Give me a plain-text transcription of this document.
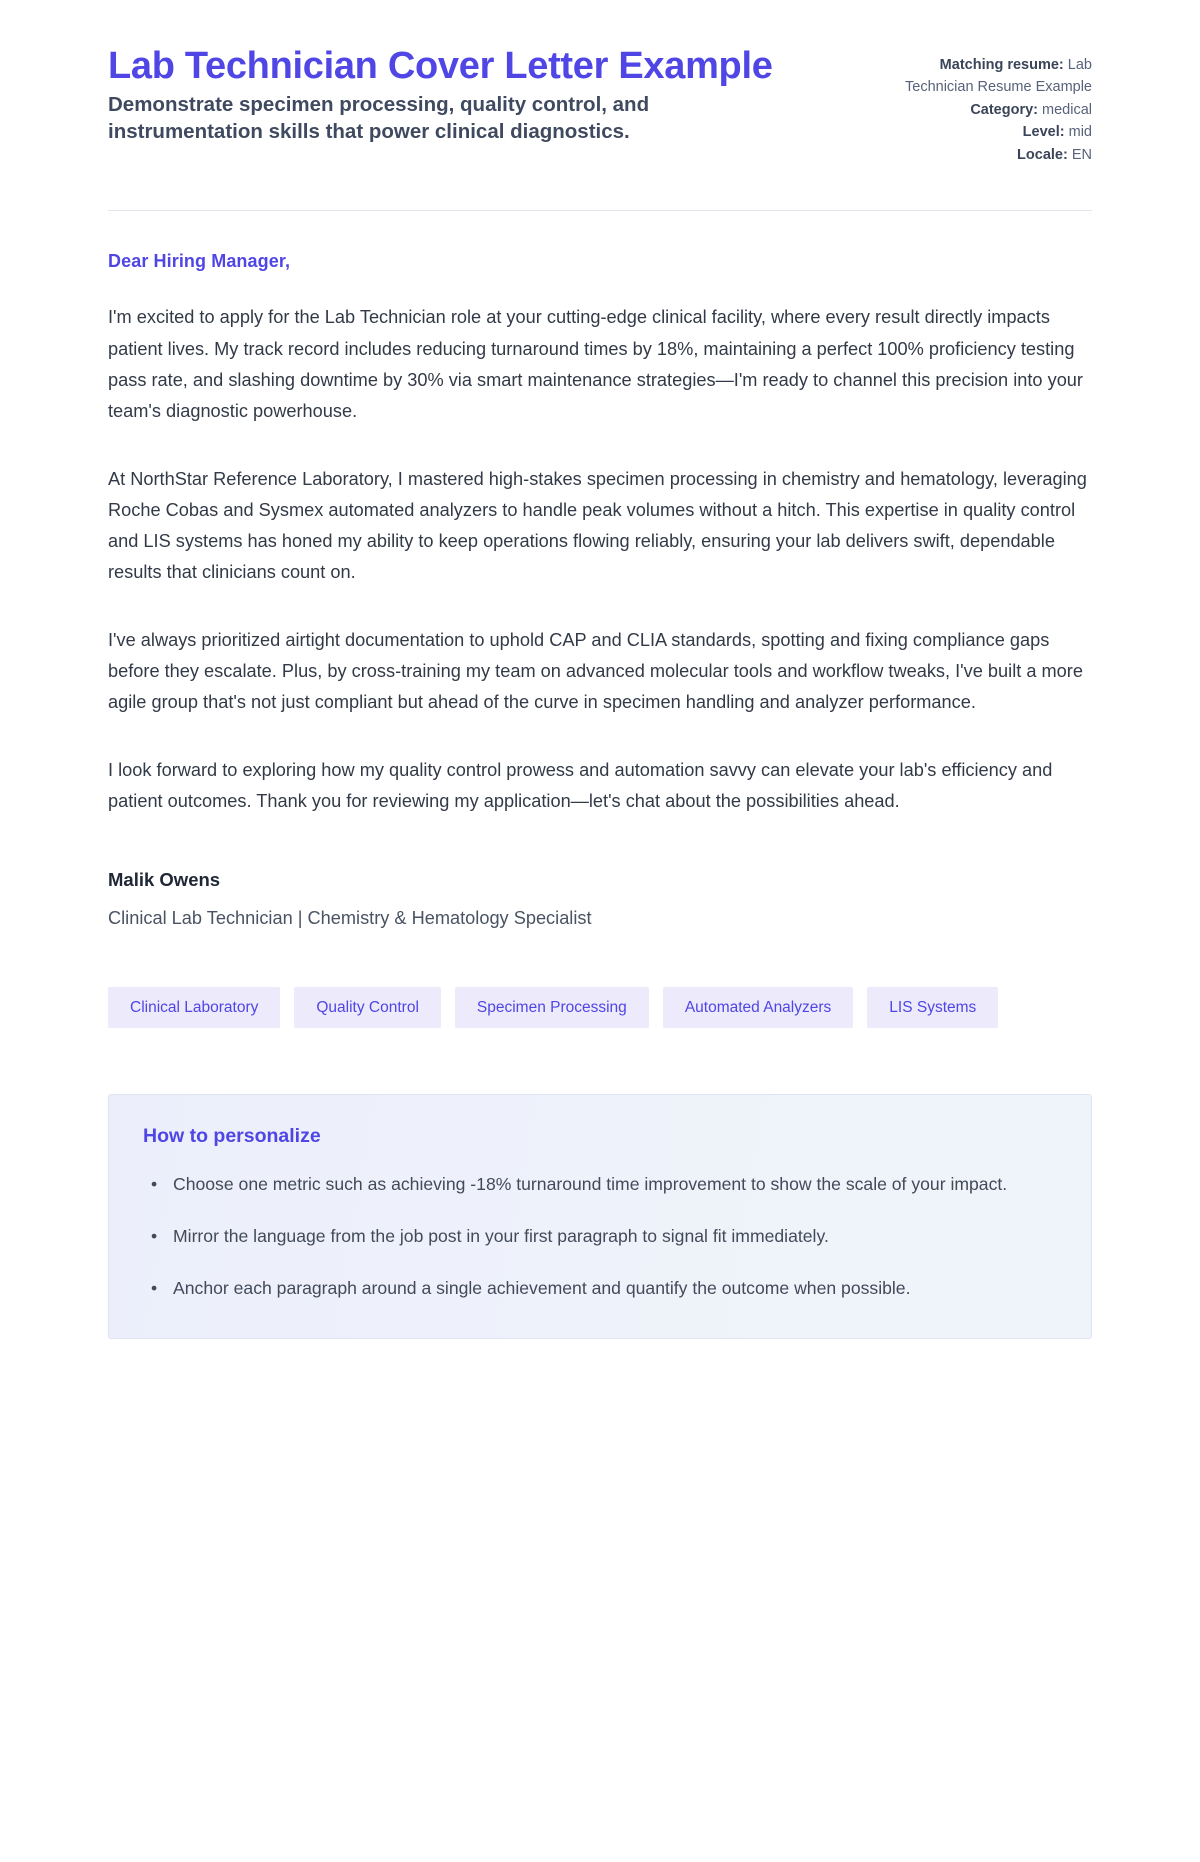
Lab Technician Cover Letter Example

Demonstrate specimen processing, quality control, and instrumentation skills that power clinical diagnostics.

Matching resume: Lab Technician Resume Example

Category: medical

Level: mid

Locale: EN

Dear Hiring Manager,

I'm excited to apply for the Lab Technician role at your cutting-edge clinical facility, where every result directly impacts patient lives. My track record includes reducing turnaround times by 18%, maintaining a perfect 100% proficiency testing pass rate, and slashing downtime by 30% via smart maintenance strategies—I'm ready to channel this precision into your team's diagnostic powerhouse.

At NorthStar Reference Laboratory, I mastered high-stakes specimen processing in chemistry and hematology, leveraging Roche Cobas and Sysmex automated analyzers to handle peak volumes without a hitch. This expertise in quality control and LIS systems has honed my ability to keep operations flowing reliably, ensuring your lab delivers swift, dependable results that clinicians count on.

I've always prioritized airtight documentation to uphold CAP and CLIA standards, spotting and fixing compliance gaps before they escalate. Plus, by cross-training my team on advanced molecular tools and workflow tweaks, I've built a more agile group that's not just compliant but ahead of the curve in specimen handling and analyzer performance.

I look forward to exploring how my quality control prowess and automation savvy can elevate your lab's efficiency and patient outcomes. Thank you for reviewing my application—let's chat about the possibilities ahead.

Malik Owens

Clinical Lab Technician | Chemistry & Hematology Specialist

Clinical Laboratory	Quality Control	Specimen Processing	Automated Analyzers	LIS Systems

How to personalize

• Choose one metric such as achieving -18% turnaround time improvement to show the scale of your impact.
• Mirror the language from the job post in your first paragraph to signal fit immediately.
• Anchor each paragraph around a single achievement and quantify the outcome when possible.
